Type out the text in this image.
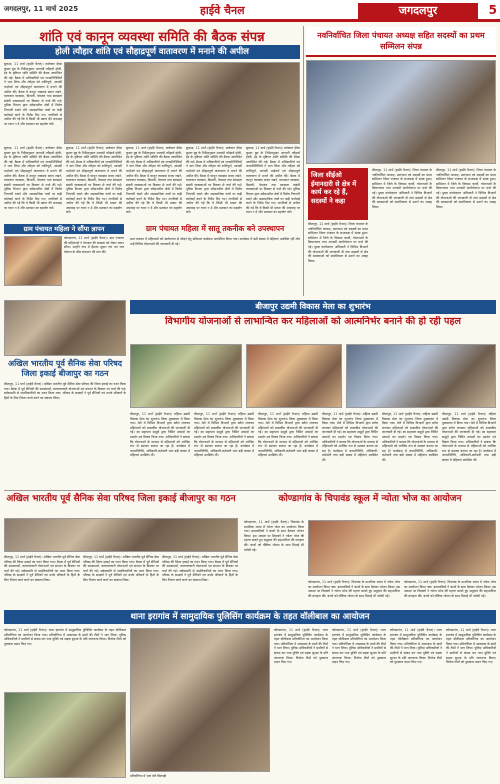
जगदलपुर, 11 मार्च 2025	हाईवे चैनल	जगदलपुर	5
शांति एवं कानून व्यवस्था समिति की बैठक संपन्न
होली त्यौहार शांति एवं सौहाद्रपूर्ण वातावरण में मनाने की अपील
सुकमा, 11 मार्च (हाईवे चैनल)। कलेक्टर देवेश कुमार ध्रुव के निर्देशानुसार आगामी त्यौहारों होली, ईद के दृष्टिगत शांति समिति की बैठक आयोजित की गई। बैठक में अधिकारियों एवं जनप्रतिनिधियों ने भाग लिया और त्यौहार को शांतिपूर्ण, आपसी भाईचारे एवं सौहाद्रपूर्ण वातावरण में मनाने की अपील की। बैठक में कानून व्यवस्था बनाए रखने, यातायात व्यवस्था, बिजली, पेयजल तथा स्वच्छता संबंधी व्यवस्थाओं पर विस्तार से चर्चा की गई। पुलिस विभाग द्वारा संवेदनशील क्षेत्रों में विशेष निगरानी रखने और असामाजिक तत्वों पर कड़ी कार्रवाई करने के निर्देश दिए गए। नागरिकों से अपील की गई कि वे किसी भी प्रकार की अफवाह पर ध्यान न दें और प्रशासन का सहयोग करें।
सुकमा, 11 मार्च (हाईवे चैनल)। कलेक्टर देवेश कुमार ध्रुव के निर्देशानुसार आगामी त्यौहारों होली, ईद के दृष्टिगत शांति समिति की बैठक आयोजित की गई। बैठक में अधिकारियों एवं जनप्रतिनिधियों ने भाग लिया और त्यौहार को शांतिपूर्ण, आपसी भाईचारे एवं सौहाद्रपूर्ण वातावरण में मनाने की अपील की। बैठक में कानून व्यवस्था बनाए रखने, यातायात व्यवस्था, बिजली, पेयजल तथा स्वच्छता संबंधी व्यवस्थाओं पर विस्तार से चर्चा की गई। पुलिस विभाग द्वारा संवेदनशील क्षेत्रों में विशेष निगरानी रखने और असामाजिक तत्वों पर कड़ी कार्रवाई करने के निर्देश दिए गए। नागरिकों से अपील की गई कि वे किसी भी प्रकार की अफवाह पर ध्यान न दें और प्रशासन का सहयोग करें।
सुकमा, 11 मार्च (हाईवे चैनल)। कलेक्टर देवेश कुमार ध्रुव के निर्देशानुसार आगामी त्यौहारों होली, ईद के दृष्टिगत शांति समिति की बैठक आयोजित की गई। बैठक में अधिकारियों एवं जनप्रतिनिधियों ने भाग लिया और त्यौहार को शांतिपूर्ण, आपसी भाईचारे एवं सौहाद्रपूर्ण वातावरण में मनाने की अपील की। बैठक में कानून व्यवस्था बनाए रखने, यातायात व्यवस्था, बिजली, पेयजल तथा स्वच्छता संबंधी व्यवस्थाओं पर विस्तार से चर्चा की गई। पुलिस विभाग द्वारा संवेदनशील क्षेत्रों में विशेष निगरानी रखने और असामाजिक तत्वों पर कड़ी कार्रवाई करने के निर्देश दिए गए। नागरिकों से अपील की गई कि वे किसी भी प्रकार की अफवाह पर ध्यान न दें और प्रशासन का सहयोग करें।
सुकमा, 11 मार्च (हाईवे चैनल)। कलेक्टर देवेश कुमार ध्रुव के निर्देशानुसार आगामी त्यौहारों होली, ईद के दृष्टिगत शांति समिति की बैठक आयोजित की गई। बैठक में अधिकारियों एवं जनप्रतिनिधियों ने भाग लिया और त्यौहार को शांतिपूर्ण, आपसी भाईचारे एवं सौहाद्रपूर्ण वातावरण में मनाने की अपील की। बैठक में कानून व्यवस्था बनाए रखने, यातायात व्यवस्था, बिजली, पेयजल तथा स्वच्छता संबंधी व्यवस्थाओं पर विस्तार से चर्चा की गई। पुलिस विभाग द्वारा संवेदनशील क्षेत्रों में विशेष निगरानी रखने और असामाजिक तत्वों पर कड़ी कार्रवाई करने के निर्देश दिए गए। नागरिकों से अपील की गई कि वे किसी भी प्रकार की अफवाह पर ध्यान न दें और प्रशासन का सहयोग करें।
सुकमा, 11 मार्च (हाईवे चैनल)। कलेक्टर देवेश कुमार ध्रुव के निर्देशानुसार आगामी त्यौहारों होली, ईद के दृष्टिगत शांति समिति की बैठक आयोजित की गई। बैठक में अधिकारियों एवं जनप्रतिनिधियों ने भाग लिया और त्यौहार को शांतिपूर्ण, आपसी भाईचारे एवं सौहाद्रपूर्ण वातावरण में मनाने की अपील की। बैठक में कानून व्यवस्था बनाए रखने, यातायात व्यवस्था, बिजली, पेयजल तथा स्वच्छता संबंधी व्यवस्थाओं पर विस्तार से चर्चा की गई। पुलिस विभाग द्वारा संवेदनशील क्षेत्रों में विशेष निगरानी रखने और असामाजिक तत्वों पर कड़ी कार्रवाई करने के निर्देश दिए गए। नागरिकों से अपील की गई कि वे किसी भी प्रकार की अफवाह पर ध्यान न दें और प्रशासन का सहयोग करें।
सुकमा, 11 मार्च (हाईवे चैनल)। कलेक्टर देवेश कुमार ध्रुव के निर्देशानुसार आगामी त्यौहारों होली, ईद के दृष्टिगत शांति समिति की बैठक आयोजित की गई। बैठक में अधिकारियों एवं जनप्रतिनिधियों ने भाग लिया और त्यौहार को शांतिपूर्ण, आपसी भाईचारे एवं सौहाद्रपूर्ण वातावरण में मनाने की अपील की। बैठक में कानून व्यवस्था बनाए रखने, यातायात व्यवस्था, बिजली, पेयजल तथा स्वच्छता संबंधी व्यवस्थाओं पर विस्तार से चर्चा की गई। पुलिस विभाग द्वारा संवेदनशील क्षेत्रों में विशेष निगरानी रखने और असामाजिक तत्वों पर कड़ी कार्रवाई करने के निर्देश दिए गए। नागरिकों से अपील की गई कि वे किसी भी प्रकार की अफवाह पर ध्यान न दें और प्रशासन का सहयोग करें।

नवनिर्वाचित जिला पंचायत अध्यक्ष सहित सदस्यों का प्रथम सम्मिलन संपन्न

जिला सीईओ ईमानदारी से क्षेत्र में कार्य कर रहे हैं, सदस्यों ने कहा
बीजापुर, 11 मार्च (हाईवे चैनल)। जिला पंचायत के नवनिर्वाचित अध्यक्ष, उपाध्यक्ष एवं सदस्यों का प्रथम सम्मिलन जिला पंचायत के सभाकक्ष में संपन्न हुआ। सम्मिलन में जिले के विकास कार्यों, योजनाओं के क्रियान्वयन तथा आगामी कार्ययोजना पर चर्चा की गई। मुख्य कार्यपालन अधिकारी ने विभिन्न विभागों की योजनाओं की जानकारी दी तथा सदस्यों से क्षेत्र की समस्याओं को प्राथमिकता से उठाने का आग्रह किया।
बीजापुर, 11 मार्च (हाईवे चैनल)। जिला पंचायत के नवनिर्वाचित अध्यक्ष, उपाध्यक्ष एवं सदस्यों का प्रथम सम्मिलन जिला पंचायत के सभाकक्ष में संपन्न हुआ। सम्मिलन में जिले के विकास कार्यों, योजनाओं के क्रियान्वयन तथा आगामी कार्ययोजना पर चर्चा की गई। मुख्य कार्यपालन अधिकारी ने विभिन्न विभागों की योजनाओं की जानकारी दी तथा सदस्यों से क्षेत्र की समस्याओं को प्राथमिकता से उठाने का आग्रह किया।
बीजापुर, 11 मार्च (हाईवे चैनल)। जिला पंचायत के नवनिर्वाचित अध्यक्ष, उपाध्यक्ष एवं सदस्यों का प्रथम सम्मिलन जिला पंचायत के सभाकक्ष में संपन्न हुआ। सम्मिलन में जिले के विकास कार्यों, योजनाओं के क्रियान्वयन तथा आगामी कार्ययोजना पर चर्चा की गई। मुख्य कार्यपालन अधिकारी ने विभिन्न विभागों की योजनाओं की जानकारी दी तथा सदस्यों से क्षेत्र की समस्याओं को प्राथमिकता से उठाने का आग्रह किया।
ग्राम पंचायत महिला ने सौंपा ज्ञापन
कोण्डागांव, 11 मार्च (हाईवे चैनल)। ग्राम पंचायत की महिलाओं ने पेयजल की समस्या को लेकर ज्ञापन सौंपा। उन्होंने गांव में हैंडपंप सुधार एवं नल जल योजना के शीघ्र संचालन की मांग की।
ग्राम पंचायत महिला में सातू तकनीक बने उपस्थापन
ग्राम पंचायत में महिलाओं को स्वरोजगार से जोड़ने हेतु प्रशिक्षण कार्यक्रम आयोजित किया गया। कार्यक्रम में बड़ी संख्या में महिलाएं उपस्थित रहीं और उन्हें विभिन्न योजनाओं की जानकारी दी गई।
अखिल भारतीय पूर्व सैनिक सेवा परिषद जिला इकाई बीजापुर का गठन
बीजापुर, 11 मार्च (हाईवे चैनल)। अखिल भारतीय पूर्व सैनिक सेवा परिषद की जिला इकाई का गठन किया गया। बैठक में पूर्व सैनिकों की समस्याओं, कल्याणकारी योजनाओं एवं संगठन के विस्तार पर चर्चा की गई। सर्वसम्मति से पदाधिकारियों का चयन किया गया। परिषद के सदस्यों ने पूर्व सैनिकों एवं उनके परिवारों के हितों के लिए निरंतर कार्य करने का संकल्प लिया।
बीजापुर उद्यमी विकास मेला का शुभारंभ
विभागीय योजनाओं से लाभान्वित कर महिलाओं को आत्मनिर्भर बनाने की हो रही पहल
बीजापुर, 11 मार्च (हाईवे चैनल)। महिला उद्यमी विकास मेला का शुभारंभ जिला मुख्यालय में किया गया। मेले में विभिन्न विभागों द्वारा स्टॉल लगाकर महिलाओं को शासकीय योजनाओं की जानकारी दी गई। स्व सहायता समूहों द्वारा निर्मित उत्पादों का प्रदर्शन एवं विक्रय किया गया। अधिकारियों ने बताया कि योजनाओं के माध्यम से महिलाओं को आर्थिक रूप से सशक्त बनाया जा रहा है। कार्यक्रम में जनप्रतिनिधि, अधिकारी-कर्मचारी तथा बड़ी संख्या में महिलाएं उपस्थित थीं।
बीजापुर, 11 मार्च (हाईवे चैनल)। महिला उद्यमी विकास मेला का शुभारंभ जिला मुख्यालय में किया गया। मेले में विभिन्न विभागों द्वारा स्टॉल लगाकर महिलाओं को शासकीय योजनाओं की जानकारी दी गई। स्व सहायता समूहों द्वारा निर्मित उत्पादों का प्रदर्शन एवं विक्रय किया गया। अधिकारियों ने बताया कि योजनाओं के माध्यम से महिलाओं को आर्थिक रूप से सशक्त बनाया जा रहा है। कार्यक्रम में जनप्रतिनिधि, अधिकारी-कर्मचारी तथा बड़ी संख्या में महिलाएं उपस्थित थीं।
बीजापुर, 11 मार्च (हाईवे चैनल)। महिला उद्यमी विकास मेला का शुभारंभ जिला मुख्यालय में किया गया। मेले में विभिन्न विभागों द्वारा स्टॉल लगाकर महिलाओं को शासकीय योजनाओं की जानकारी दी गई। स्व सहायता समूहों द्वारा निर्मित उत्पादों का प्रदर्शन एवं विक्रय किया गया। अधिकारियों ने बताया कि योजनाओं के माध्यम से महिलाओं को आर्थिक रूप से सशक्त बनाया जा रहा है। कार्यक्रम में जनप्रतिनिधि, अधिकारी-कर्मचारी तथा बड़ी संख्या में महिलाएं उपस्थित थीं।
बीजापुर, 11 मार्च (हाईवे चैनल)। महिला उद्यमी विकास मेला का शुभारंभ जिला मुख्यालय में किया गया। मेले में विभिन्न विभागों द्वारा स्टॉल लगाकर महिलाओं को शासकीय योजनाओं की जानकारी दी गई। स्व सहायता समूहों द्वारा निर्मित उत्पादों का प्रदर्शन एवं विक्रय किया गया। अधिकारियों ने बताया कि योजनाओं के माध्यम से महिलाओं को आर्थिक रूप से सशक्त बनाया जा रहा है। कार्यक्रम में जनप्रतिनिधि, अधिकारी-कर्मचारी तथा बड़ी संख्या में महिलाएं उपस्थित थीं।
बीजापुर, 11 मार्च (हाईवे चैनल)। महिला उद्यमी विकास मेला का शुभारंभ जिला मुख्यालय में किया गया। मेले में विभिन्न विभागों द्वारा स्टॉल लगाकर महिलाओं को शासकीय योजनाओं की जानकारी दी गई। स्व सहायता समूहों द्वारा निर्मित उत्पादों का प्रदर्शन एवं विक्रय किया गया। अधिकारियों ने बताया कि योजनाओं के माध्यम से महिलाओं को आर्थिक रूप से सशक्त बनाया जा रहा है। कार्यक्रम में जनप्रतिनिधि, अधिकारी-कर्मचारी तथा बड़ी संख्या में महिलाएं उपस्थित थीं।
बीजापुर, 11 मार्च (हाईवे चैनल)। महिला उद्यमी विकास मेला का शुभारंभ जिला मुख्यालय में किया गया। मेले में विभिन्न विभागों द्वारा स्टॉल लगाकर महिलाओं को शासकीय योजनाओं की जानकारी दी गई। स्व सहायता समूहों द्वारा निर्मित उत्पादों का प्रदर्शन एवं विक्रय किया गया। अधिकारियों ने बताया कि योजनाओं के माध्यम से महिलाओं को आर्थिक रूप से सशक्त बनाया जा रहा है। कार्यक्रम में जनप्रतिनिधि, अधिकारी-कर्मचारी तथा बड़ी संख्या में महिलाएं उपस्थित थीं।
अखिल भारतीय पूर्व सैनिक सेवा परिषद जिला इकाई बीजापुर का गठन
बीजापुर, 11 मार्च (हाईवे चैनल)। अखिल भारतीय पूर्व सैनिक सेवा परिषद की जिला इकाई का गठन किया गया। बैठक में पूर्व सैनिकों की समस्याओं, कल्याणकारी योजनाओं एवं संगठन के विस्तार पर चर्चा की गई। सर्वसम्मति से पदाधिकारियों का चयन किया गया। परिषद के सदस्यों ने पूर्व सैनिकों एवं उनके परिवारों के हितों के लिए निरंतर कार्य करने का संकल्प लिया।
बीजापुर, 11 मार्च (हाईवे चैनल)। अखिल भारतीय पूर्व सैनिक सेवा परिषद की जिला इकाई का गठन किया गया। बैठक में पूर्व सैनिकों की समस्याओं, कल्याणकारी योजनाओं एवं संगठन के विस्तार पर चर्चा की गई। सर्वसम्मति से पदाधिकारियों का चयन किया गया। परिषद के सदस्यों ने पूर्व सैनिकों एवं उनके परिवारों के हितों के लिए निरंतर कार्य करने का संकल्प लिया।
बीजापुर, 11 मार्च (हाईवे चैनल)। अखिल भारतीय पूर्व सैनिक सेवा परिषद की जिला इकाई का गठन किया गया। बैठक में पूर्व सैनिकों की समस्याओं, कल्याणकारी योजनाओं एवं संगठन के विस्तार पर चर्चा की गई। सर्वसम्मति से पदाधिकारियों का चयन किया गया। परिषद के सदस्यों ने पूर्व सैनिकों एवं उनके परिवारों के हितों के लिए निरंतर कार्य करने का संकल्प लिया।
कोण्डागांव के चिपावंड स्कूल में न्योता भोज का आयोजन
कोण्डागांव, 11 मार्च (हाईवे चैनल)। चिपावंड के प्राथमिक शाला में न्योता भोज का आयोजन किया गया। ग्रामवासियों ने बच्चों के साथ बैठकर भोजन किया। इस अवसर पर शिक्षकों ने न्योता भोज की महत्ता बताते हुए समुदाय की सहभागिता की सराहना की। बच्चों को पौष्टिक भोजन के साथ मिठाई भी परोसी गई।
कोण्डागांव, 11 मार्च (हाईवे चैनल)। चिपावंड के प्राथमिक शाला में न्योता भोज का आयोजन किया गया। ग्रामवासियों ने बच्चों के साथ बैठकर भोजन किया। इस अवसर पर शिक्षकों ने न्योता भोज की महत्ता बताते हुए समुदाय की सहभागिता की सराहना की। बच्चों को पौष्टिक भोजन के साथ मिठाई भी परोसी गई।
कोण्डागांव, 11 मार्च (हाईवे चैनल)। चिपावंड के प्राथमिक शाला में न्योता भोज का आयोजन किया गया। ग्रामवासियों ने बच्चों के साथ बैठकर भोजन किया। इस अवसर पर शिक्षकों ने न्योता भोज की महत्ता बताते हुए समुदाय की सहभागिता की सराहना की। बच्चों को पौष्टिक भोजन के साथ मिठाई भी परोसी गई।
थाना इरागांव में सामुदायिक पुलिसिंग कार्यक्रम के तहत वॉलीबाल का आयोजन
कोण्डागांव, 11 मार्च (हाईवे चैनल)। थाना इरागांव में सामुदायिक पुलिसिंग कार्यक्रम के तहत वॉलीबाल प्रतियोगिता का आयोजन किया गया। प्रतियोगिता में आसपास के ग्रामों की टीमों ने भाग लिया। पुलिस अधिकारियों ने ग्रामीणों से संवाद कर नशा मुक्ति एवं सड़क सुरक्षा के प्रति जागरूक किया। विजेता टीमों को पुरस्कार प्रदान किए गए।
प्रतियोगिता में भाग लेते खिलाड़ी
कोण्डागांव, 11 मार्च (हाईवे चैनल)। थाना इरागांव में सामुदायिक पुलिसिंग कार्यक्रम के तहत वॉलीबाल प्रतियोगिता का आयोजन किया गया। प्रतियोगिता में आसपास के ग्रामों की टीमों ने भाग लिया। पुलिस अधिकारियों ने ग्रामीणों से संवाद कर नशा मुक्ति एवं सड़क सुरक्षा के प्रति जागरूक किया। विजेता टीमों को पुरस्कार प्रदान किए गए।
कोण्डागांव, 11 मार्च (हाईवे चैनल)। थाना इरागांव में सामुदायिक पुलिसिंग कार्यक्रम के तहत वॉलीबाल प्रतियोगिता का आयोजन किया गया। प्रतियोगिता में आसपास के ग्रामों की टीमों ने भाग लिया। पुलिस अधिकारियों ने ग्रामीणों से संवाद कर नशा मुक्ति एवं सड़क सुरक्षा के प्रति जागरूक किया। विजेता टीमों को पुरस्कार प्रदान किए गए।
कोण्डागांव, 11 मार्च (हाईवे चैनल)। थाना इरागांव में सामुदायिक पुलिसिंग कार्यक्रम के तहत वॉलीबाल प्रतियोगिता का आयोजन किया गया। प्रतियोगिता में आसपास के ग्रामों की टीमों ने भाग लिया। पुलिस अधिकारियों ने ग्रामीणों से संवाद कर नशा मुक्ति एवं सड़क सुरक्षा के प्रति जागरूक किया। विजेता टीमों को पुरस्कार प्रदान किए गए।
कोण्डागांव, 11 मार्च (हाईवे चैनल)। थाना इरागांव में सामुदायिक पुलिसिंग कार्यक्रम के तहत वॉलीबाल प्रतियोगिता का आयोजन किया गया। प्रतियोगिता में आसपास के ग्रामों की टीमों ने भाग लिया। पुलिस अधिकारियों ने ग्रामीणों से संवाद कर नशा मुक्ति एवं सड़क सुरक्षा के प्रति जागरूक किया। विजेता टीमों को पुरस्कार प्रदान किए गए।
